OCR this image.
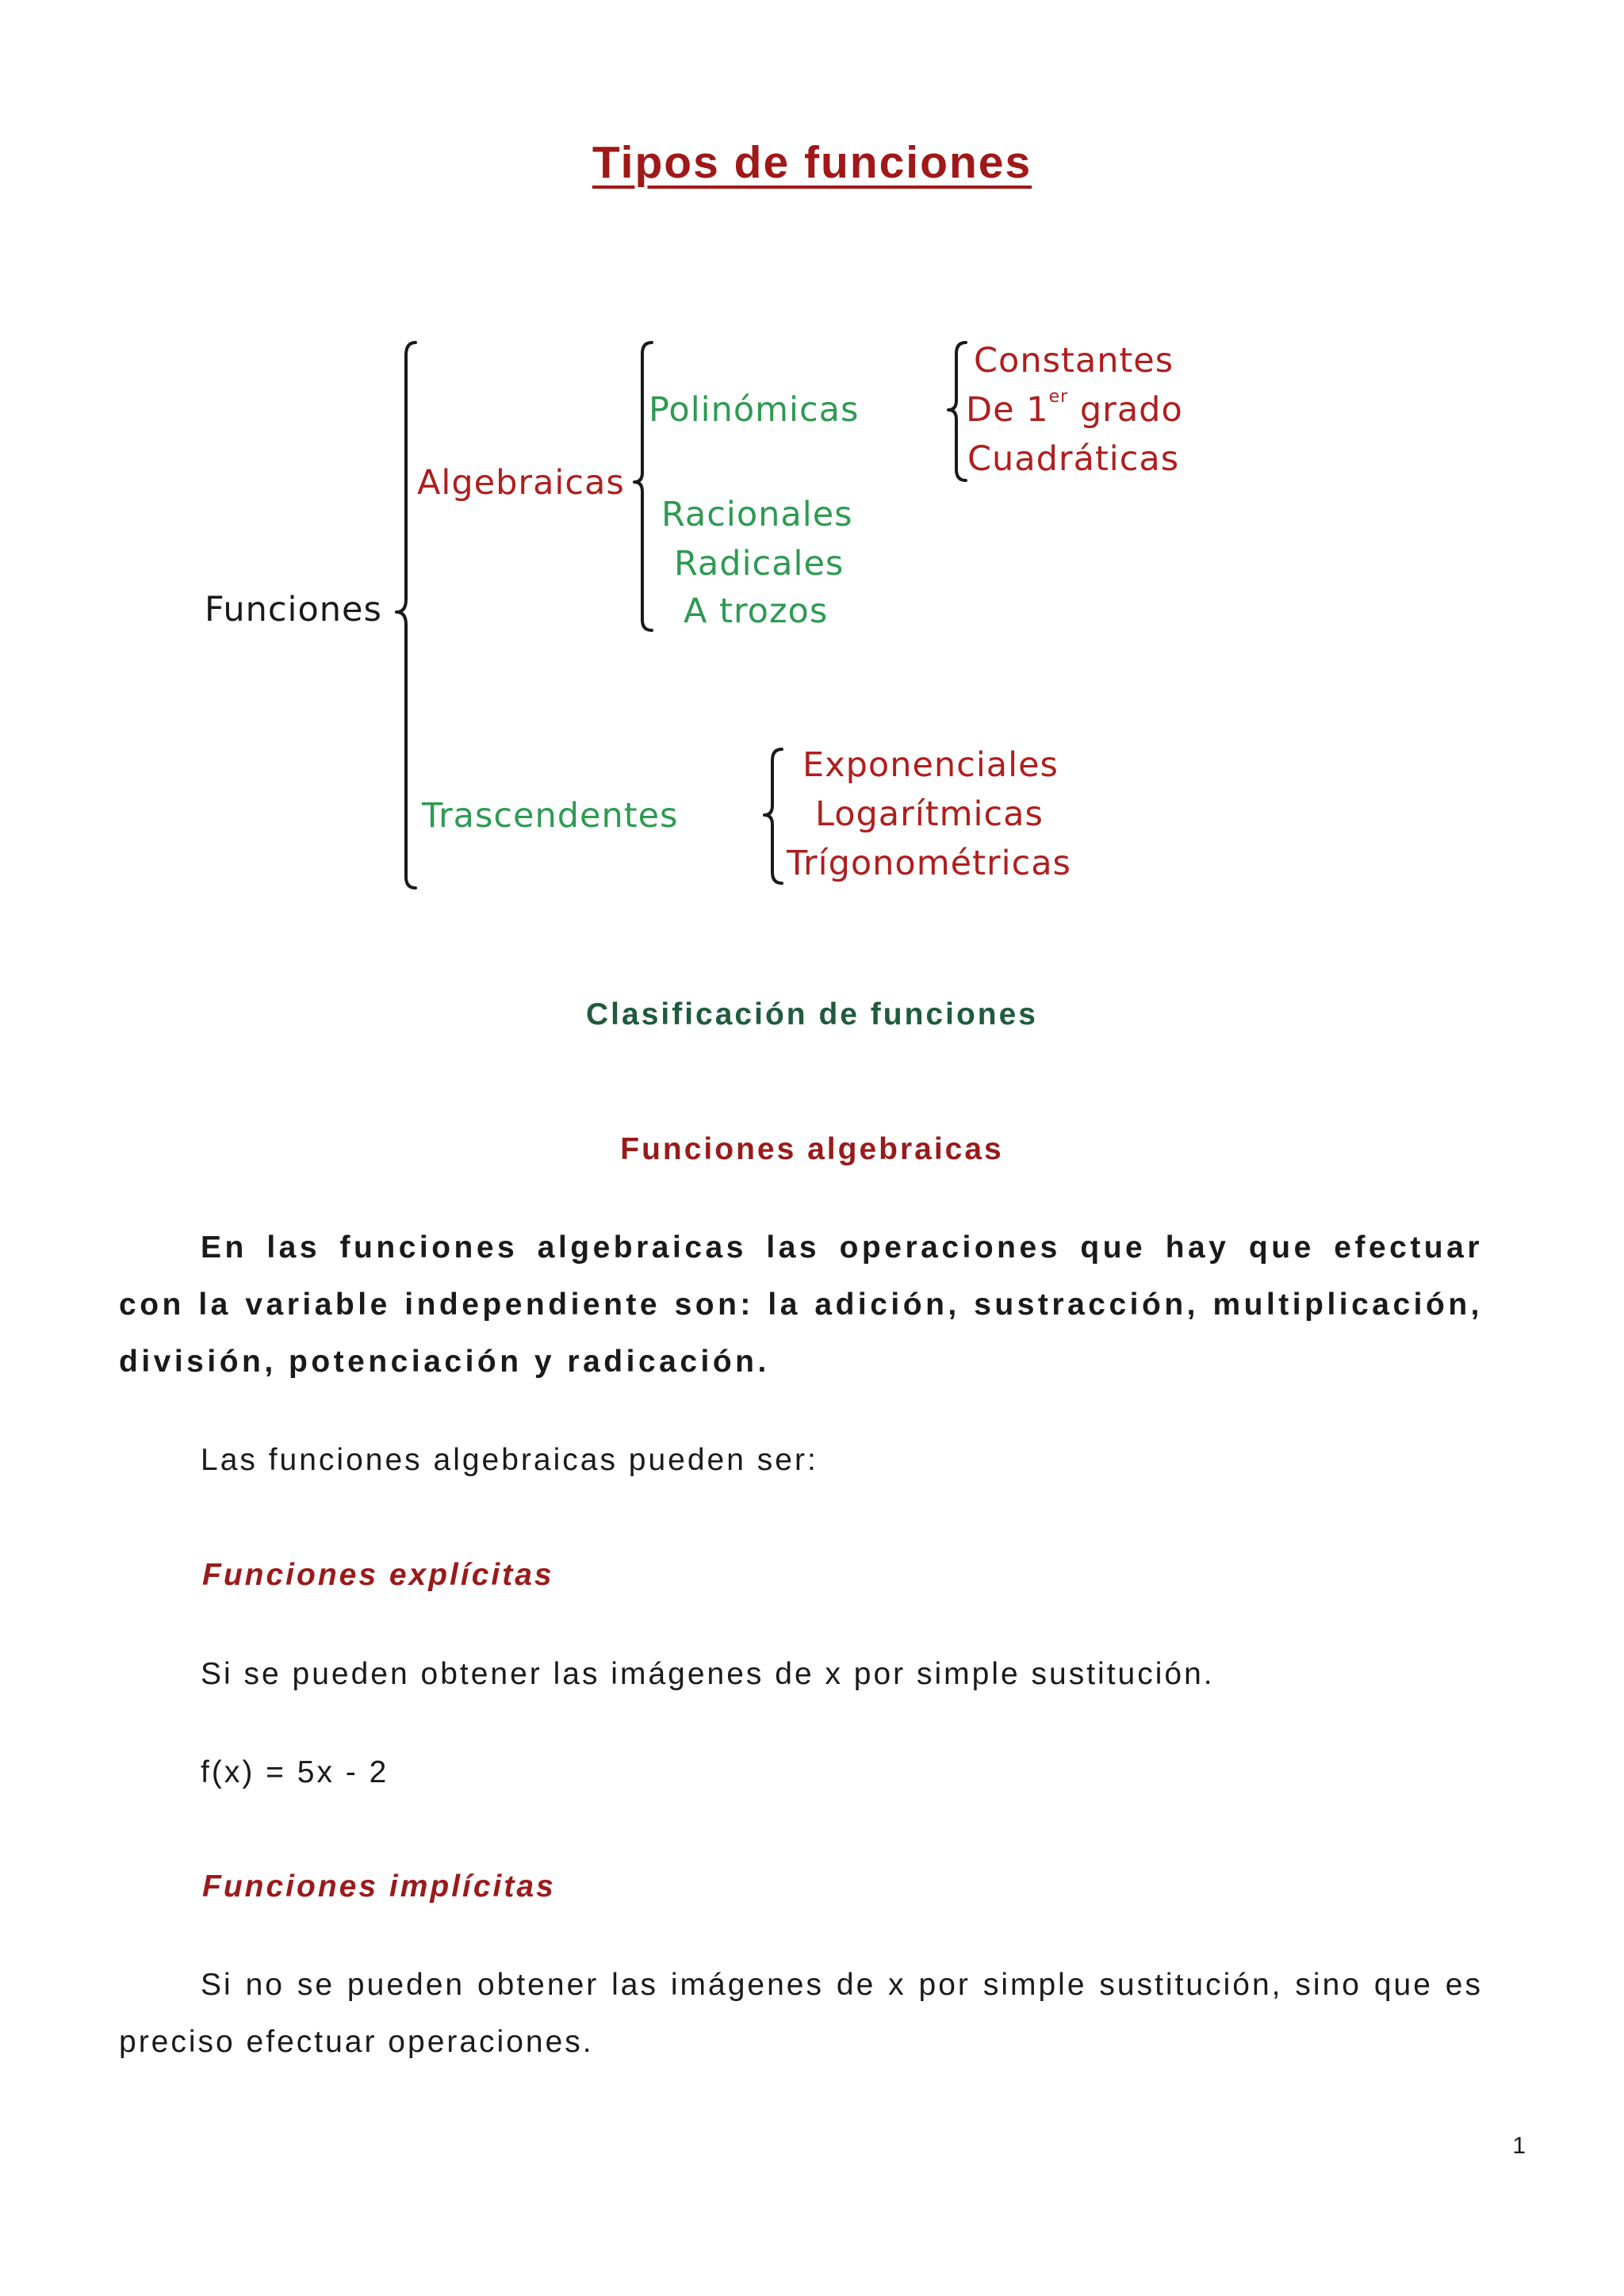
Tipos de funciones
Funciones
Algebraicas
Polinómicas
Constantes
De 1er grado
Cuadráticas
Racionales
Radicales
A trozos
Trascendentes
Exponenciales
Logarítmicas
Trígonométricas
Clasificación de funciones
Funciones algebraicas
En las funciones algebraicas las operaciones que hay que efectuar con la variable independiente son: la adición, sustracción, multiplicación, división, potenciación y radicación.
Las funciones algebraicas pueden ser:
Funciones explícitas
Si se pueden obtener las imágenes de x por simple sustitución.
f(x) = 5x - 2
Funciones implícitas
Si no se pueden obtener las imágenes de x por simple sustitución, sino que es preciso efectuar operaciones.
1
